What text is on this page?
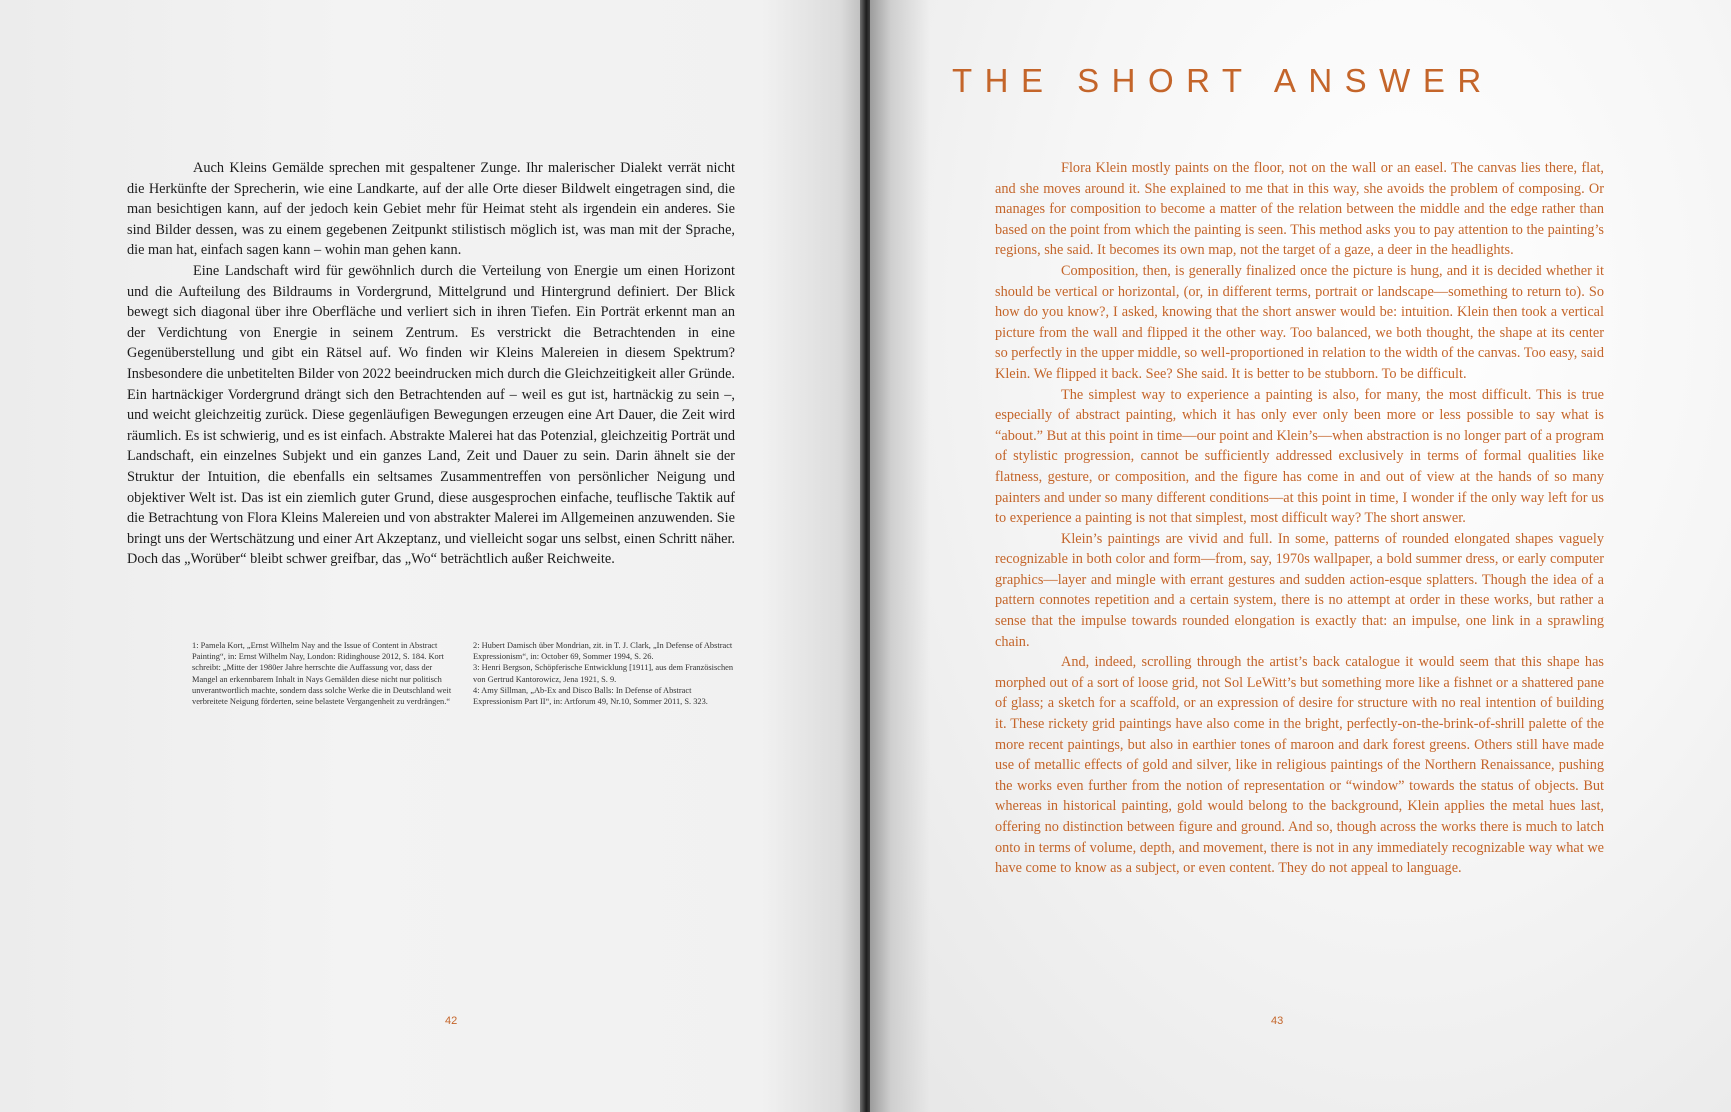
Auch Kleins Gemälde sprechen mit gespaltener Zunge. Ihr malerischer Dialekt verrät nicht die Herkünfte der Sprecherin, wie eine Landkarte, auf der alle Orte dieser Bildwelt eingetragen sind, die man besichtigen kann, auf der jedoch kein Gebiet mehr für Heimat steht als irgendein ein anderes. Sie sind Bilder dessen, was zu einem gegebenen Zeitpunkt stilistisch möglich ist, was man mit der Sprache, die man hat, einfach sagen kann – wohin man gehen kann.

Eine Landschaft wird für gewöhnlich durch die Verteilung von Energie um einen Horizont und die Aufteilung des Bildraums in Vordergrund, Mittelgrund und Hintergrund definiert. Der Blick bewegt sich diagonal über ihre Oberfläche und verliert sich in ihren Tiefen. Ein Porträt erkennt man an der Verdichtung von Energie in seinem Zentrum. Es verstrickt die Betrachtenden in eine Gegenüberstellung und gibt ein Rätsel auf. Wo finden wir Kleins Malereien in diesem Spektrum? Insbesondere die unbetitelten Bilder von 2022 beeindrucken mich durch die Gleichzeitigkeit aller Gründe. Ein hartnäckiger Vordergrund drängt sich den Betrachtenden auf – weil es gut ist, hartnäckig zu sein –, und weicht gleichzeitig zurück. Diese gegenläufigen Bewegungen erzeugen eine Art Dauer, die Zeit wird räumlich. Es ist schwierig, und es ist einfach. Abstrakte Malerei hat das Potenzial, gleichzeitig Porträt und Landschaft, ein einzelnes Subjekt und ein ganzes Land, Zeit und Dauer zu sein. Darin ähnelt sie der Struktur der Intuition, die ebenfalls ein seltsames Zusammentreffen von persönlicher Neigung und objektiver Welt ist. Das ist ein ziemlich guter Grund, diese ausgesprochen einfache, teuflische Taktik auf die Betrachtung von Flora Kleins Malereien und von abstrakter Malerei im Allgemeinen anzuwenden. Sie bringt uns der Wertschätzung und einer Art Akzeptanz, und vielleicht sogar uns selbst, einen Schritt näher. Doch das „Worüber“ bleibt schwer greifbar, das „Wo“ beträchtlich außer Reichweite.

1: Pamela Kort, „Ernst Wilhelm Nay and the Issue of Content in Abstract Painting“, in: Ernst Wilhelm Nay, London: Ridinghouse 2012, S. 184. Kort schreibt: „Mitte der 1980er Jahre herrschte die Auffassung vor, dass der Mangel an erkennbarem Inhalt in Nays Gemälden diese nicht nur politisch unverantwortlich machte, sondern dass solche Werke die in Deutschland weit verbreitete Neigung förderten, seine belastete Vergangenheit zu verdrängen.“
2: Hubert Damisch über Mondrian, zit. in T. J. Clark, „In Defense of Abstract Expressionism“, in: October 69, Sommer 1994, S. 26.
3: Henri Bergson, Schöpferische Entwicklung [1911], aus dem Französischen von Gertrud Kantorowicz, Jena 1921, S. 9.
4: Amy Sillman, „Ab-Ex and Disco Balls: In Defense of Abstract Expressionism Part II“, in: Artforum 49, Nr.10, Sommer 2011, S. 323.
42
THE SHORT ANSWER

Flora Klein mostly paints on the floor, not on the wall or an easel. The canvas lies there, flat, and she moves around it. She explained to me that in this way, she avoids the problem of composing. Or manages for composition to become a matter of the relation between the middle and the edge rather than based on the point from which the painting is seen. This method asks you to pay attention to the painting’s regions, she said. It becomes its own map, not the target of a gaze, a deer in the headlights.

Composition, then, is generally finalized once the picture is hung, and it is decided whether it should be vertical or horizontal, (or, in different terms, portrait or landscape—something to return to). So how do you know?, I asked, knowing that the short answer would be: intuition. Klein then took a vertical picture from the wall and flipped it the other way. Too balanced, we both thought, the shape at its center so perfectly in the upper middle, so well-proportioned in relation to the width of the canvas. Too easy, said Klein. We flipped it back. See? She said. It is better to be stubborn. To be difficult.

The simplest way to experience a painting is also, for many, the most difficult. This is true especially of abstract painting, which it has only ever only been more or less possible to say what is “about.” But at this point in time—our point and Klein’s—when abstraction is no longer part of a program of stylistic progression, cannot be sufficiently addressed exclusively in terms of formal qualities like flatness, gesture, or composition, and the figure has come in and out of view at the hands of so many painters and under so many different conditions—at this point in time, I wonder if the only way left for us to experience a painting is not that simplest, most difficult way? The short answer.

Klein’s paintings are vivid and full. In some, patterns of rounded elongated shapes vaguely recognizable in both color and form—from, say, 1970s wallpaper, a bold summer dress, or early computer graphics—layer and mingle with errant gestures and sudden action-esque splatters. Though the idea of a pattern connotes repetition and a certain system, there is no attempt at order in these works, but rather a sense that the impulse towards rounded elongation is exactly that: an impulse, one link in a sprawling chain.

And, indeed, scrolling through the artist’s back catalogue it would seem that this shape has morphed out of a sort of loose grid, not Sol LeWitt’s but something more like a fishnet or a shattered pane of glass; a sketch for a scaffold, or an expression of desire for structure with no real intention of building it. These rickety grid paintings have also come in the bright, perfectly-on-the-brink-of-shrill palette of the more recent paintings, but also in earthier tones of maroon and dark forest greens. Others still have made use of metallic effects of gold and silver, like in religious paintings of the Northern Renaissance, pushing the works even further from the notion of representation or “window” towards the status of objects. But whereas in historical painting, gold would belong to the background, Klein applies the metal hues last, offering no distinction between figure and ground. And so, though across the works there is much to latch onto in terms of volume, depth, and movement, there is not in any immediately recognizable way what we have come to know as a subject, or even content. They do not appeal to language.

43
